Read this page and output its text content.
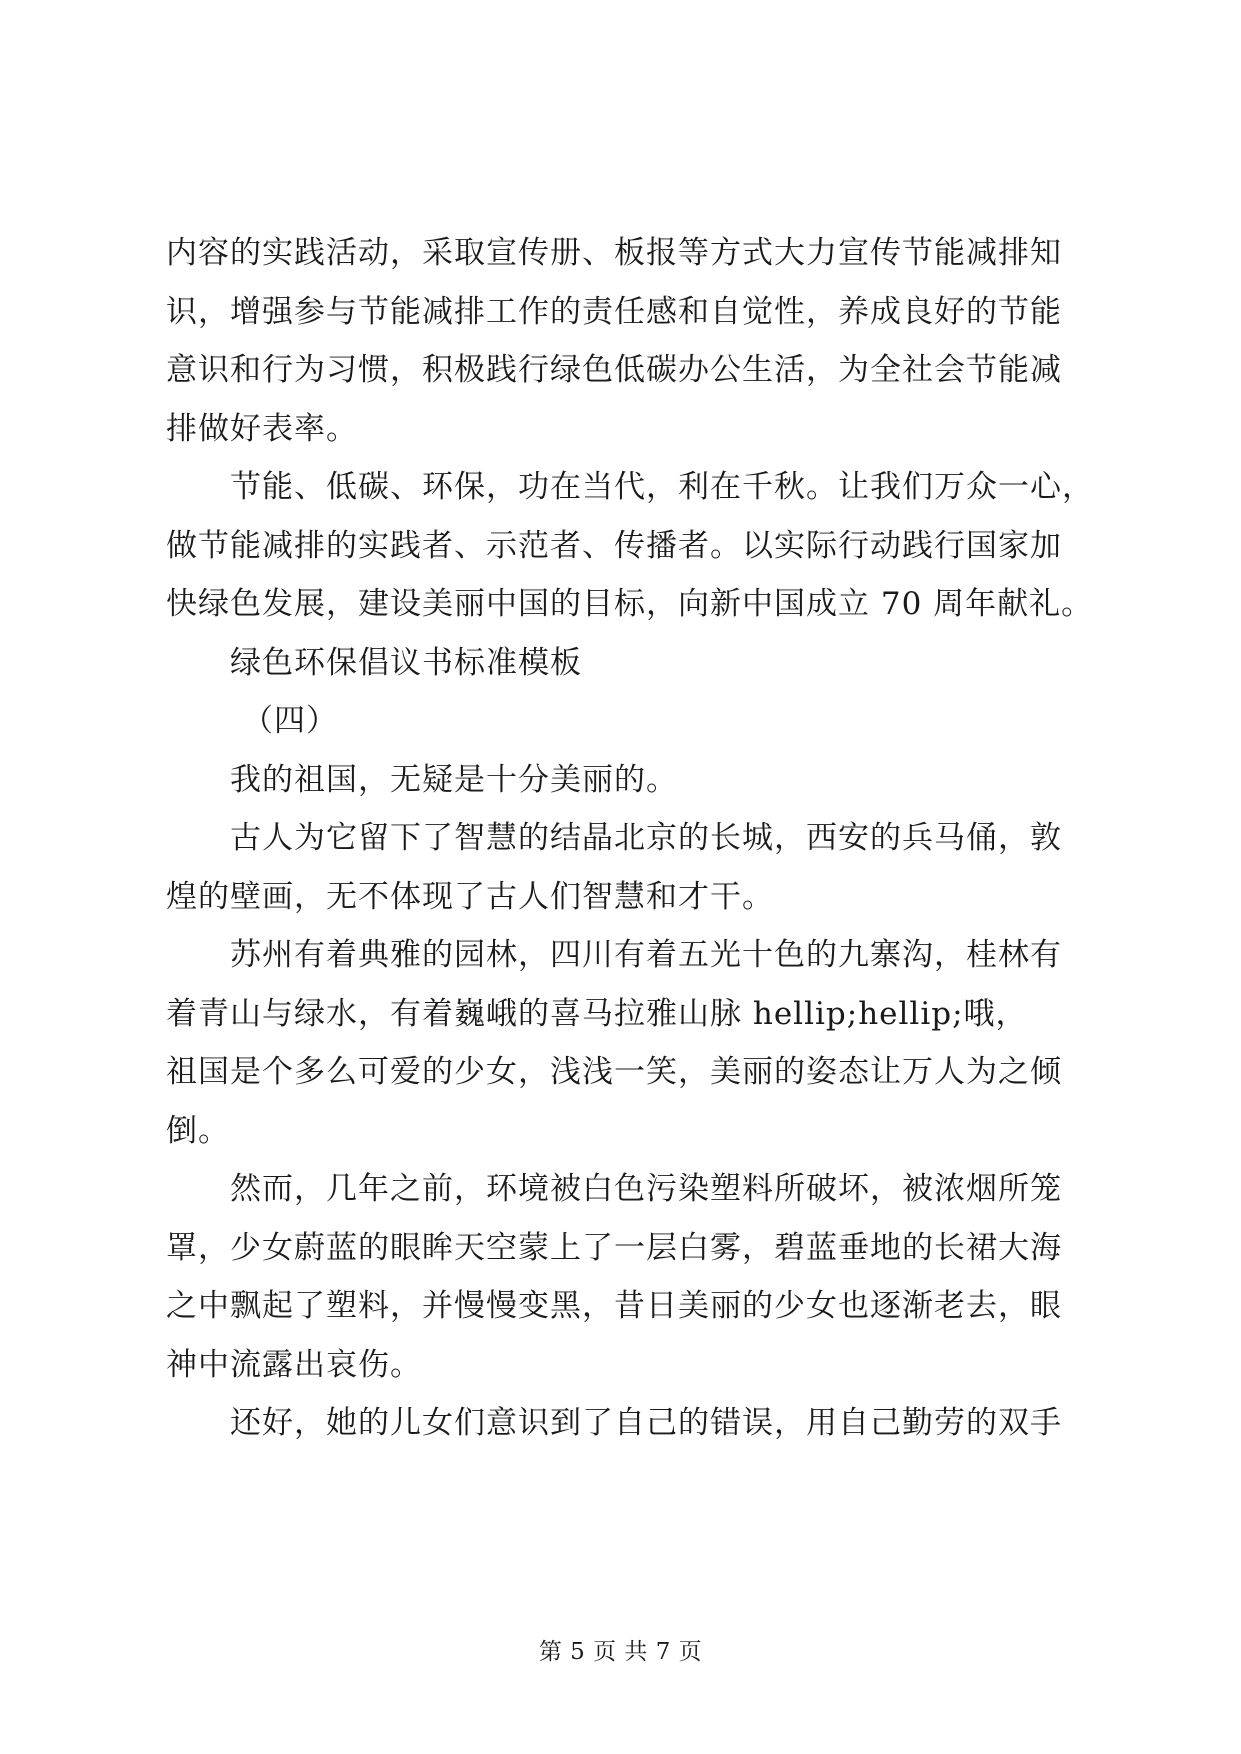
内容的实践活动，采取宣传册、板报等方式大力宣传节能减排知
识，增强参与节能减排工作的责任感和自觉性，养成良好的节能
意识和行为习惯，积极践行绿色低碳办公生活，为全社会节能减
排做好表率。
节能、低碳、环保，功在当代，利在千秋。让我们万众一心，
做节能减排的实践者、示范者、传播者。以实际行动践行国家加
快绿色发展，建设美丽中国的目标，向新中国成立 70 周年献礼。
绿色环保倡议书标准模板
（四）
我的祖国，无疑是十分美丽的。
古人为它留下了智慧的结晶北京的长城，西安的兵马俑，敦
煌的壁画，无不体现了古人们智慧和才干。
苏州有着典雅的园林，四川有着五光十色的九寨沟，桂林有
着青山与绿水，有着巍峨的喜马拉雅山脉 hellip;hellip;哦，
祖国是个多么可爱的少女，浅浅一笑，美丽的姿态让万人为之倾
倒。
然而，几年之前，环境被白色污染塑料所破坏，被浓烟所笼
罩，少女蔚蓝的眼眸天空蒙上了一层白雾，碧蓝垂地的长裙大海
之中飘起了塑料，并慢慢变黑，昔日美丽的少女也逐渐老去，眼
神中流露出哀伤。
还好，她的儿女们意识到了自己的错误，用自己勤劳的双手
第 5 页 共 7 页
